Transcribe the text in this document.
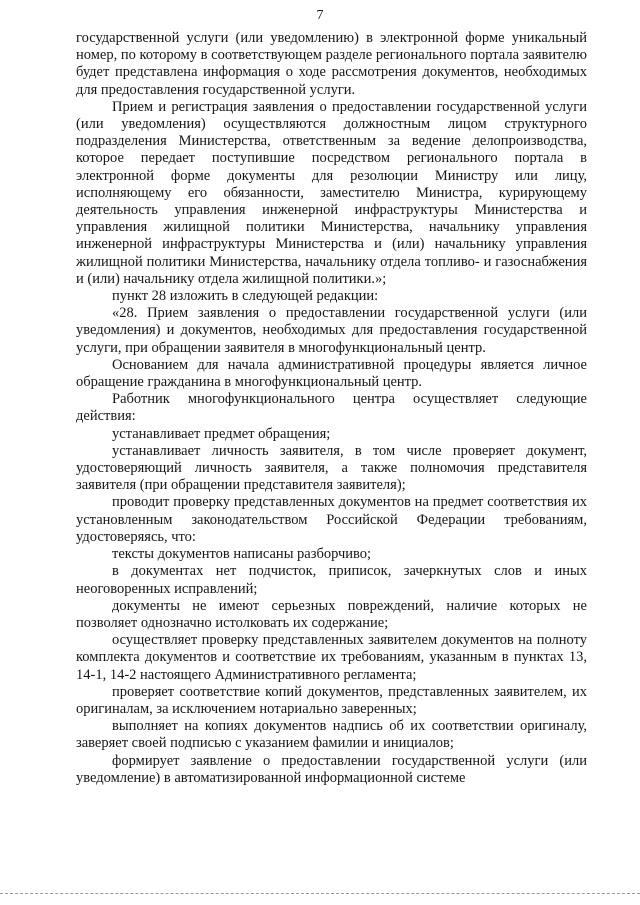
7

государственной услуги (или уведомлению) в электронной форме уникальный номер, по которому в соответствующем разделе регионального портала заявителю будет представлена информация о ходе рассмотрения документов, необходимых для предоставления государственной услуги.

Прием и регистрация заявления о предоставлении государственной услуги (или уведомления) осуществляются должностным лицом структурного подразделения Министерства, ответственным за ведение делопроизводства, которое передает поступившие посредством регионального портала в электронной форме документы для резолюции Министру или лицу, исполняющему его обязанности, заместителю Министра, курирующему деятельность управления инженерной инфраструктуры Министерства и управления жилищной политики Министерства, начальнику управления инженерной инфраструктуры Министерства и (или) начальнику управления жилищной политики Министерства, начальнику отдела топливо- и газоснабжения и (или) начальнику отдела жилищной политики.»;

пункт 28 изложить в следующей редакции:

«28. Прием заявления о предоставлении государственной услуги (или уведомления) и документов, необходимых для предоставления государственной услуги, при обращении заявителя в многофункциональный центр.

Основанием для начала административной процедуры является личное обращение гражданина в многофункциональный центр.

Работник многофункционального центра осуществляет следующие действия:

устанавливает предмет обращения;

устанавливает личность заявителя, в том числе проверяет документ, удостоверяющий личность заявителя, а также полномочия представителя заявителя (при обращении представителя заявителя);

проводит проверку представленных документов на предмет соответствия их установленным законодательством Российской Федерации требованиям, удостоверяясь, что:

тексты документов написаны разборчиво;

в документах нет подчисток, приписок, зачеркнутых слов и иных неоговоренных исправлений;

документы не имеют серьезных повреждений, наличие которых не позволяет однозначно истолковать их содержание;

осуществляет проверку представленных заявителем документов на полноту комплекта документов и соответствие их требованиям, указанным в пунктах 13, 14-1, 14-2 настоящего Административного регламента;

проверяет соответствие копий документов, представленных заявителем, их оригиналам, за исключением нотариально заверенных;

выполняет на копиях документов надпись об их соответствии оригиналу, заверяет своей подписью с указанием фамилии и инициалов;

формирует заявление о предоставлении государственной услуги (или уведомление) в автоматизированной информационной системе
